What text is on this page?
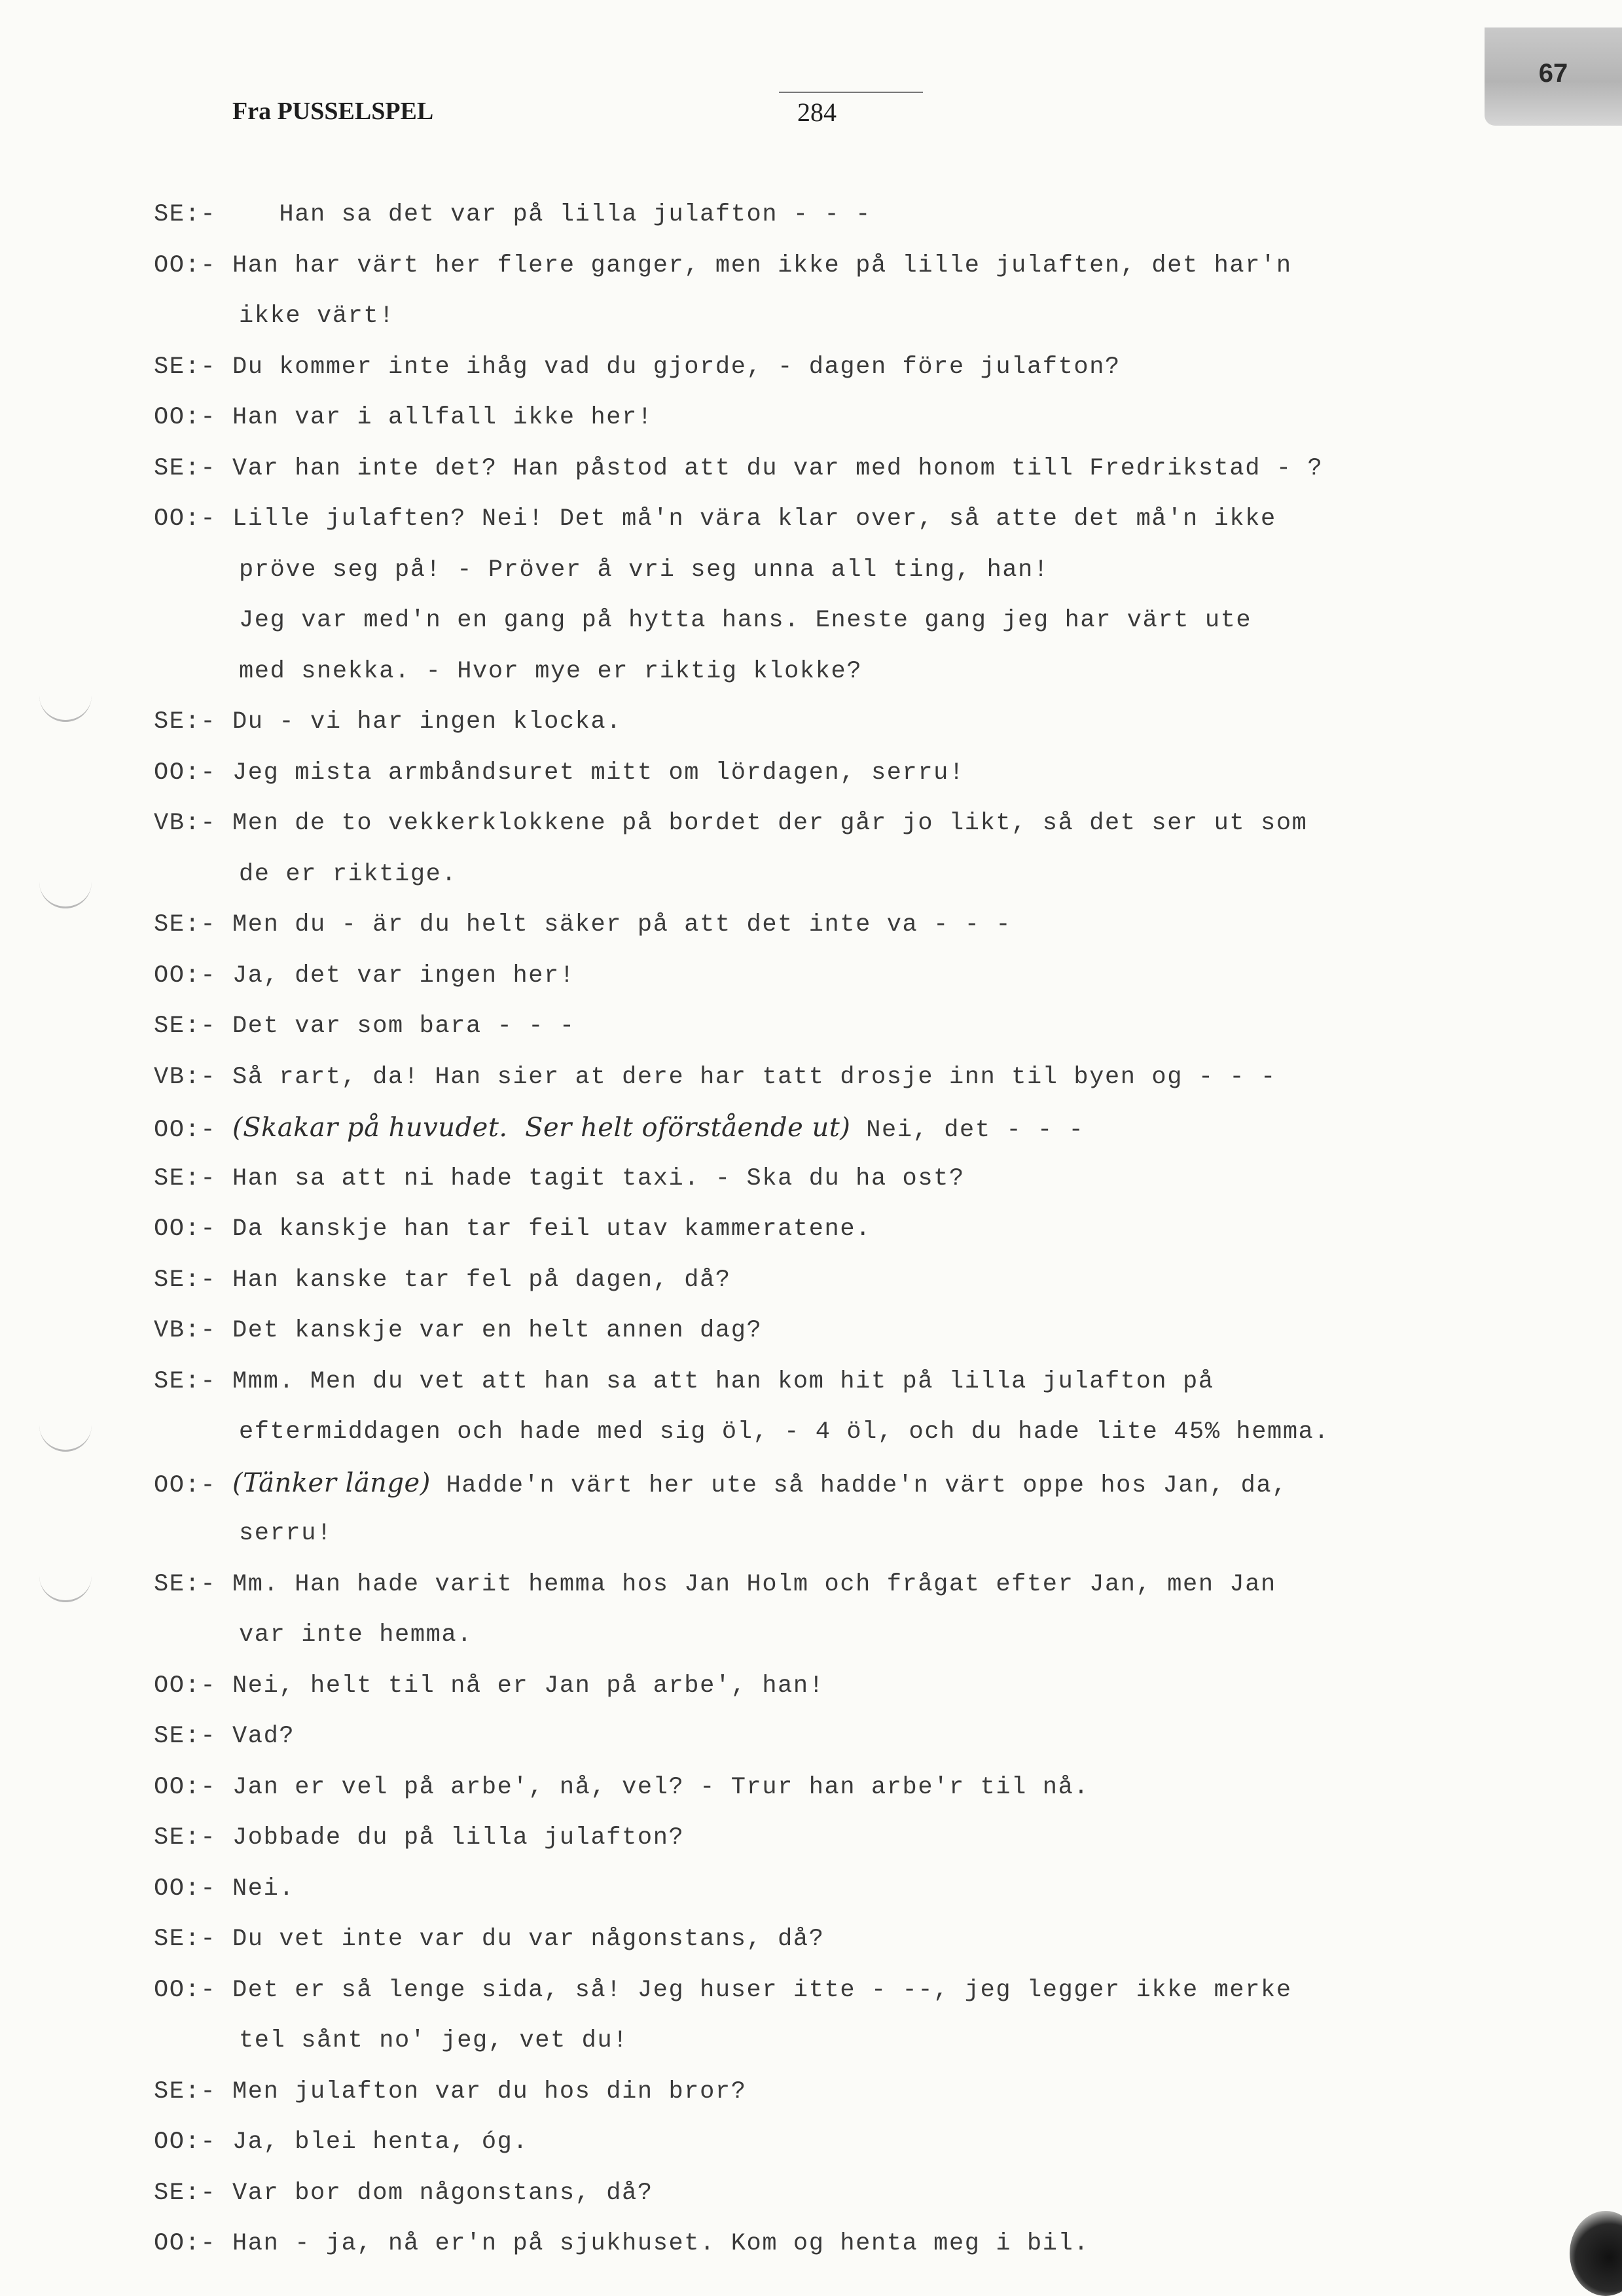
67
Fra PUSSELSPEL	284
SE:-   Han sa det var på lilla julafton - - -
OO:- Han har värt her flere ganger, men ikke på lille julaften, det har'n
ikke värt!
SE:- Du kommer inte ihåg vad du gjorde, - dagen före julafton?
OO:- Han var i allfall ikke her!
SE:- Var han inte det? Han påstod att du var med honom till Fredrikstad - ?
OO:- Lille julaften? Nei! Det må'n vära klar over, så atte det må'n ikke
pröve seg på! - Pröver å vri seg unna all ting, han!
Jeg var med'n en gang på hytta hans. Eneste gang jeg har värt ute
med snekka. - Hvor mye er riktig klokke?
SE:- Du - vi har ingen klocka.
OO:- Jeg mista armbåndsuret mitt om lördagen, serru!
VB:- Men de to vekkerklokkene på bordet der går jo likt, så det ser ut som
de er riktige.
SE:- Men du - är du helt säker på att det inte va - - -
OO:- Ja, det var ingen her!
SE:- Det var som bara - - -
VB:- Så rart, da! Han sier at dere har tatt drosje inn til byen og - - -
OO:- (Skakar på huvudet.  Ser helt oförstående ut) Nei, det - - -
SE:- Han sa att ni hade tagit taxi. - Ska du ha ost?
OO:- Da kanskje han tar feil utav kammeratene.
SE:- Han kanske tar fel på dagen, då?
VB:- Det kanskje var en helt annen dag?
SE:- Mmm. Men du vet att han sa att han kom hit på lilla julafton på
eftermiddagen och hade med sig öl, - 4 öl, och du hade lite 45% hemma.
OO:- (Tänker länge) Hadde'n värt her ute så hadde'n värt oppe hos Jan, da,
serru!
SE:- Mm. Han hade varit hemma hos Jan Holm och frågat efter Jan, men Jan
var inte hemma.
OO:- Nei, helt til nå er Jan på arbe', han!
SE:- Vad?
OO:- Jan er vel på arbe', nå, vel? - Trur han arbe'r til nå.
SE:- Jobbade du på lilla julafton?
OO:- Nei.
SE:- Du vet inte var du var någonstans, då?
OO:- Det er så lenge sida, så! Jeg huser itte - --, jeg legger ikke merke
tel sånt no' jeg, vet du!
SE:- Men julafton var du hos din bror?
OO:- Ja, blei henta, óg.
SE:- Var bor dom någonstans, då?
OO:- Han - ja, nå er'n på sjukhuset. Kom og henta meg i bil.
